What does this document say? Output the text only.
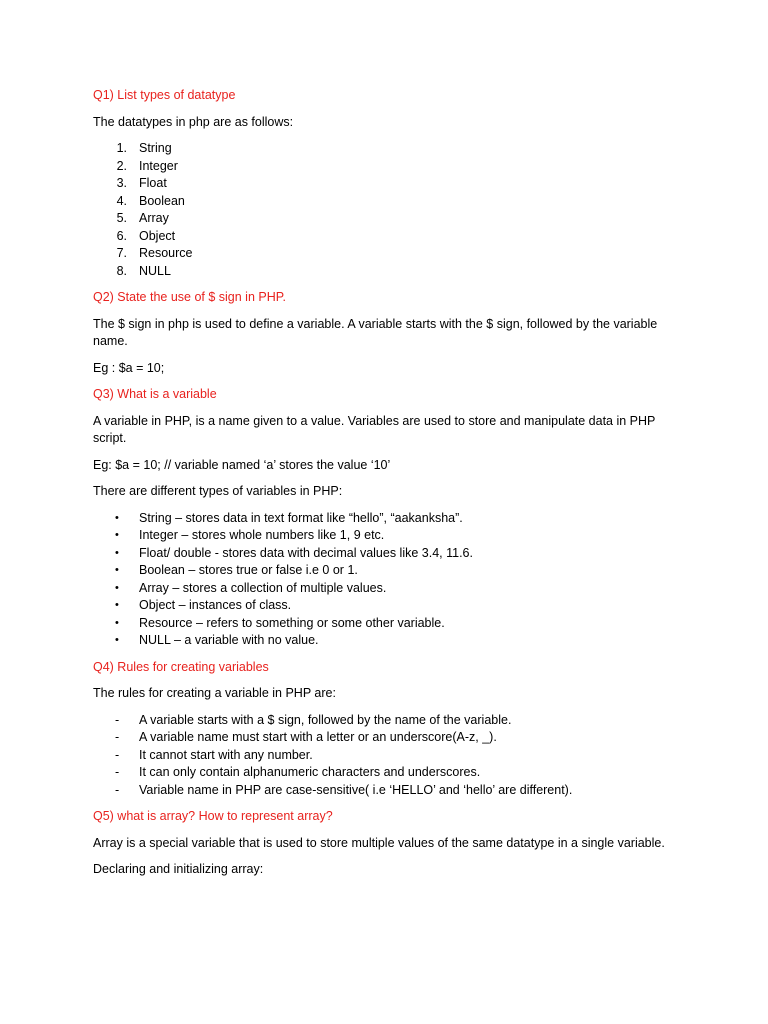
Q1) List types of datatype

The datatypes in php are as follows:

1. String
2. Integer
3. Float
4. Boolean
5. Array
6. Object
7. Resource
8. NULL
Q2) State the use of $ sign in PHP.

The $ sign in php is used to define a variable. A variable starts with the $ sign, followed by the variable name.

Eg : $a = 10;

Q3) What is a variable

A variable in PHP, is a name given to a value. Variables are used to store and manipulate data in PHP script.

Eg: $a = 10; // variable named ‘a’ stores the value ‘10’

There are different types of variables in PHP:

•	String – stores data in text format like “hello”, “aakanksha”.
•	Integer – stores whole numbers like 1, 9 etc.
•	Float/ double - stores data with decimal values like 3.4, 11.6.
•	Boolean – stores true or false i.e 0 or 1.
•	Array – stores a collection of multiple values.
•	Object – instances of class.
•	Resource – refers to something or some other variable.
•	NULL – a variable with no value.
Q4) Rules for creating variables

The rules for creating a variable in PHP are:

-	A variable starts with a $ sign, followed by the name of the variable.
-	A variable name must start with a letter or an underscore(A-z, _).
-	It cannot start with any number.
-	It can only contain alphanumeric characters and underscores.
-	Variable name in PHP are case-sensitive( i.e ‘HELLO’ and ‘hello’ are different).
Q5) what is array? How to represent array?

Array is a special variable that is used to store multiple values of the same datatype in a single variable.

Declaring and initializing array:
